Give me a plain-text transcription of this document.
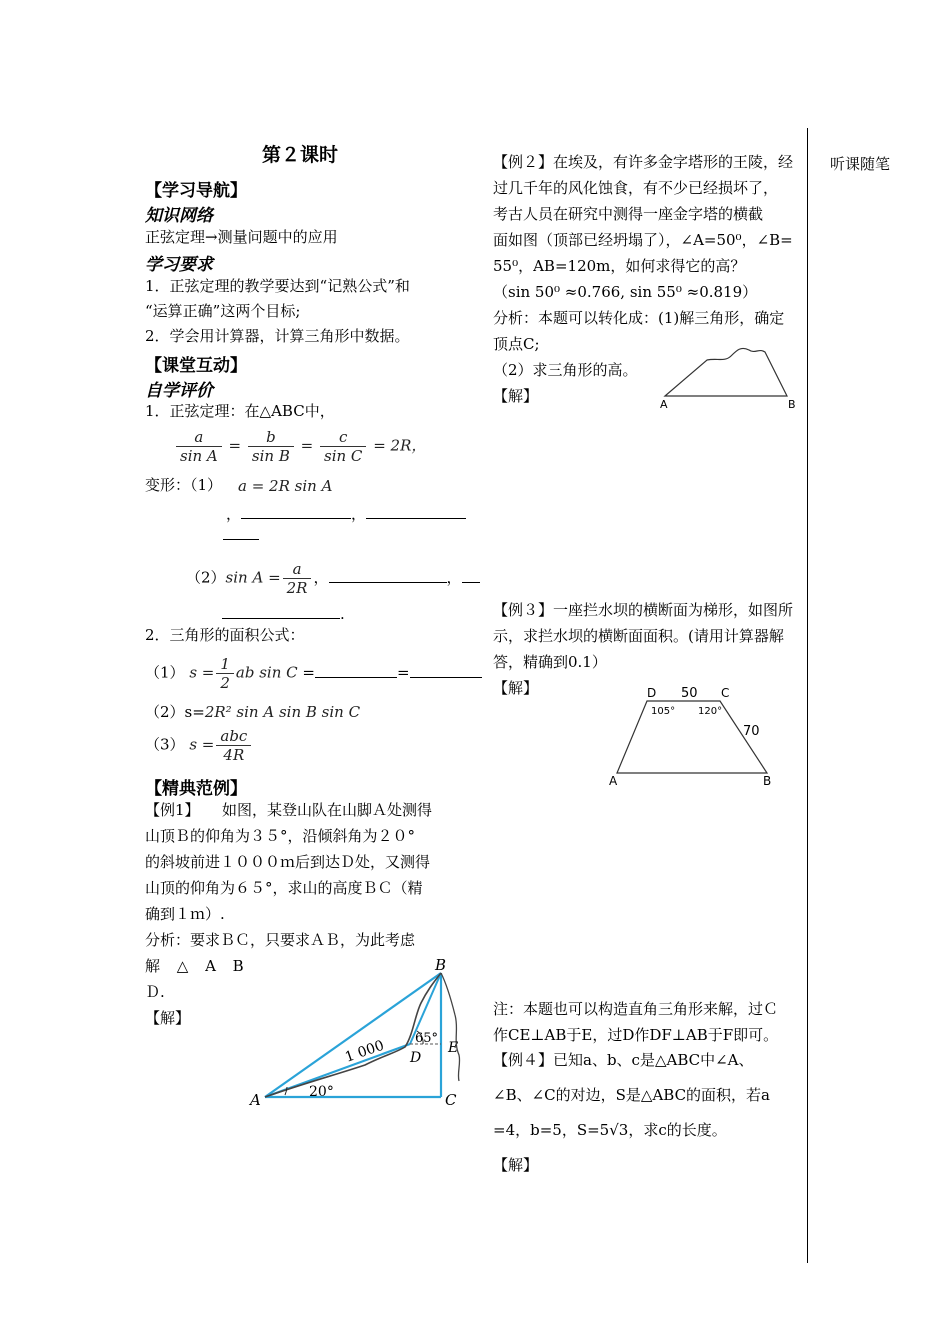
听课随笔
第２课时
【学习导航】
知识网络
正弦定理→测量问题中的应用
学习要求
1．正弦定理的教学要达到“记熟公式”和
“运算正确”这两个目标;
2．学会用计算器，计算三角形中数据。
【课堂互动】
自学评价
1．正弦定理：在△ABC中，
$\frac{a}{\text{sin A}} = \frac{b}{\text{sin B}} = \frac{c}{\text{sin C}} = 2R$，
变形：（1） a = 2R sin A
，	，
（2）sin $A = \frac{a}{2R}$ ，	，
.
2．三角形的面积公式：
（1） $s = \frac{1}{2}$ ab sin C =	=
（2）s=2R² sin A sin B sin C
（3） $s = \frac{\text{abc}}{4R}$
【精典范例】
【例1】　　如图，某登山队在山脚Ａ处测得
山顶Ｂ的仰角为３５°，沿倾斜角为２０°
的斜坡前进１０００ｍ后到达Ｄ处，又测得
山顶的仰角为６５°，求山的高度ＢＣ（精
确到１ｍ）.
分析：要求ＢＣ，只要求ＡＢ，为此考虑
解 △ A B
Ｄ.
【解】
B
A	C
D
E
1 000
20°
65°
【例２】在埃及，有许多金字塔形的王陵，经
过几千年的风化蚀食，有不少已经损坏了，
考古人员在研究中测得一座金字塔的横截
面如图（顶部已经坍塌了），∠A=50⁰，∠B=
55⁰，AB=120m，如何求得它的高？
（sin 50⁰ ≈0.766, sin 55⁰ ≈0.819）
分析：本题可以转化成：(1)解三角形，确定
顶点C;
（2）求三角形的高。
【解】	A	B
【例３】一座拦水坝的横断面为梯形，如图所
示，求拦水坝的横断面面积。(请用计算器解
答，精确到0.1）
【解】	D	C
A	B
50
70
105° 120°
注：本题也可以构造直角三角形来解，过Ｃ
作CE⊥AB于E，过D作DF⊥AB于F即可。
【例４】已知a、b、c是△ABC中∠A、
∠B、∠C的对边，S是△ABC的面积，若a
=4，b=5，S=5√3，求c的长度。
【解】
